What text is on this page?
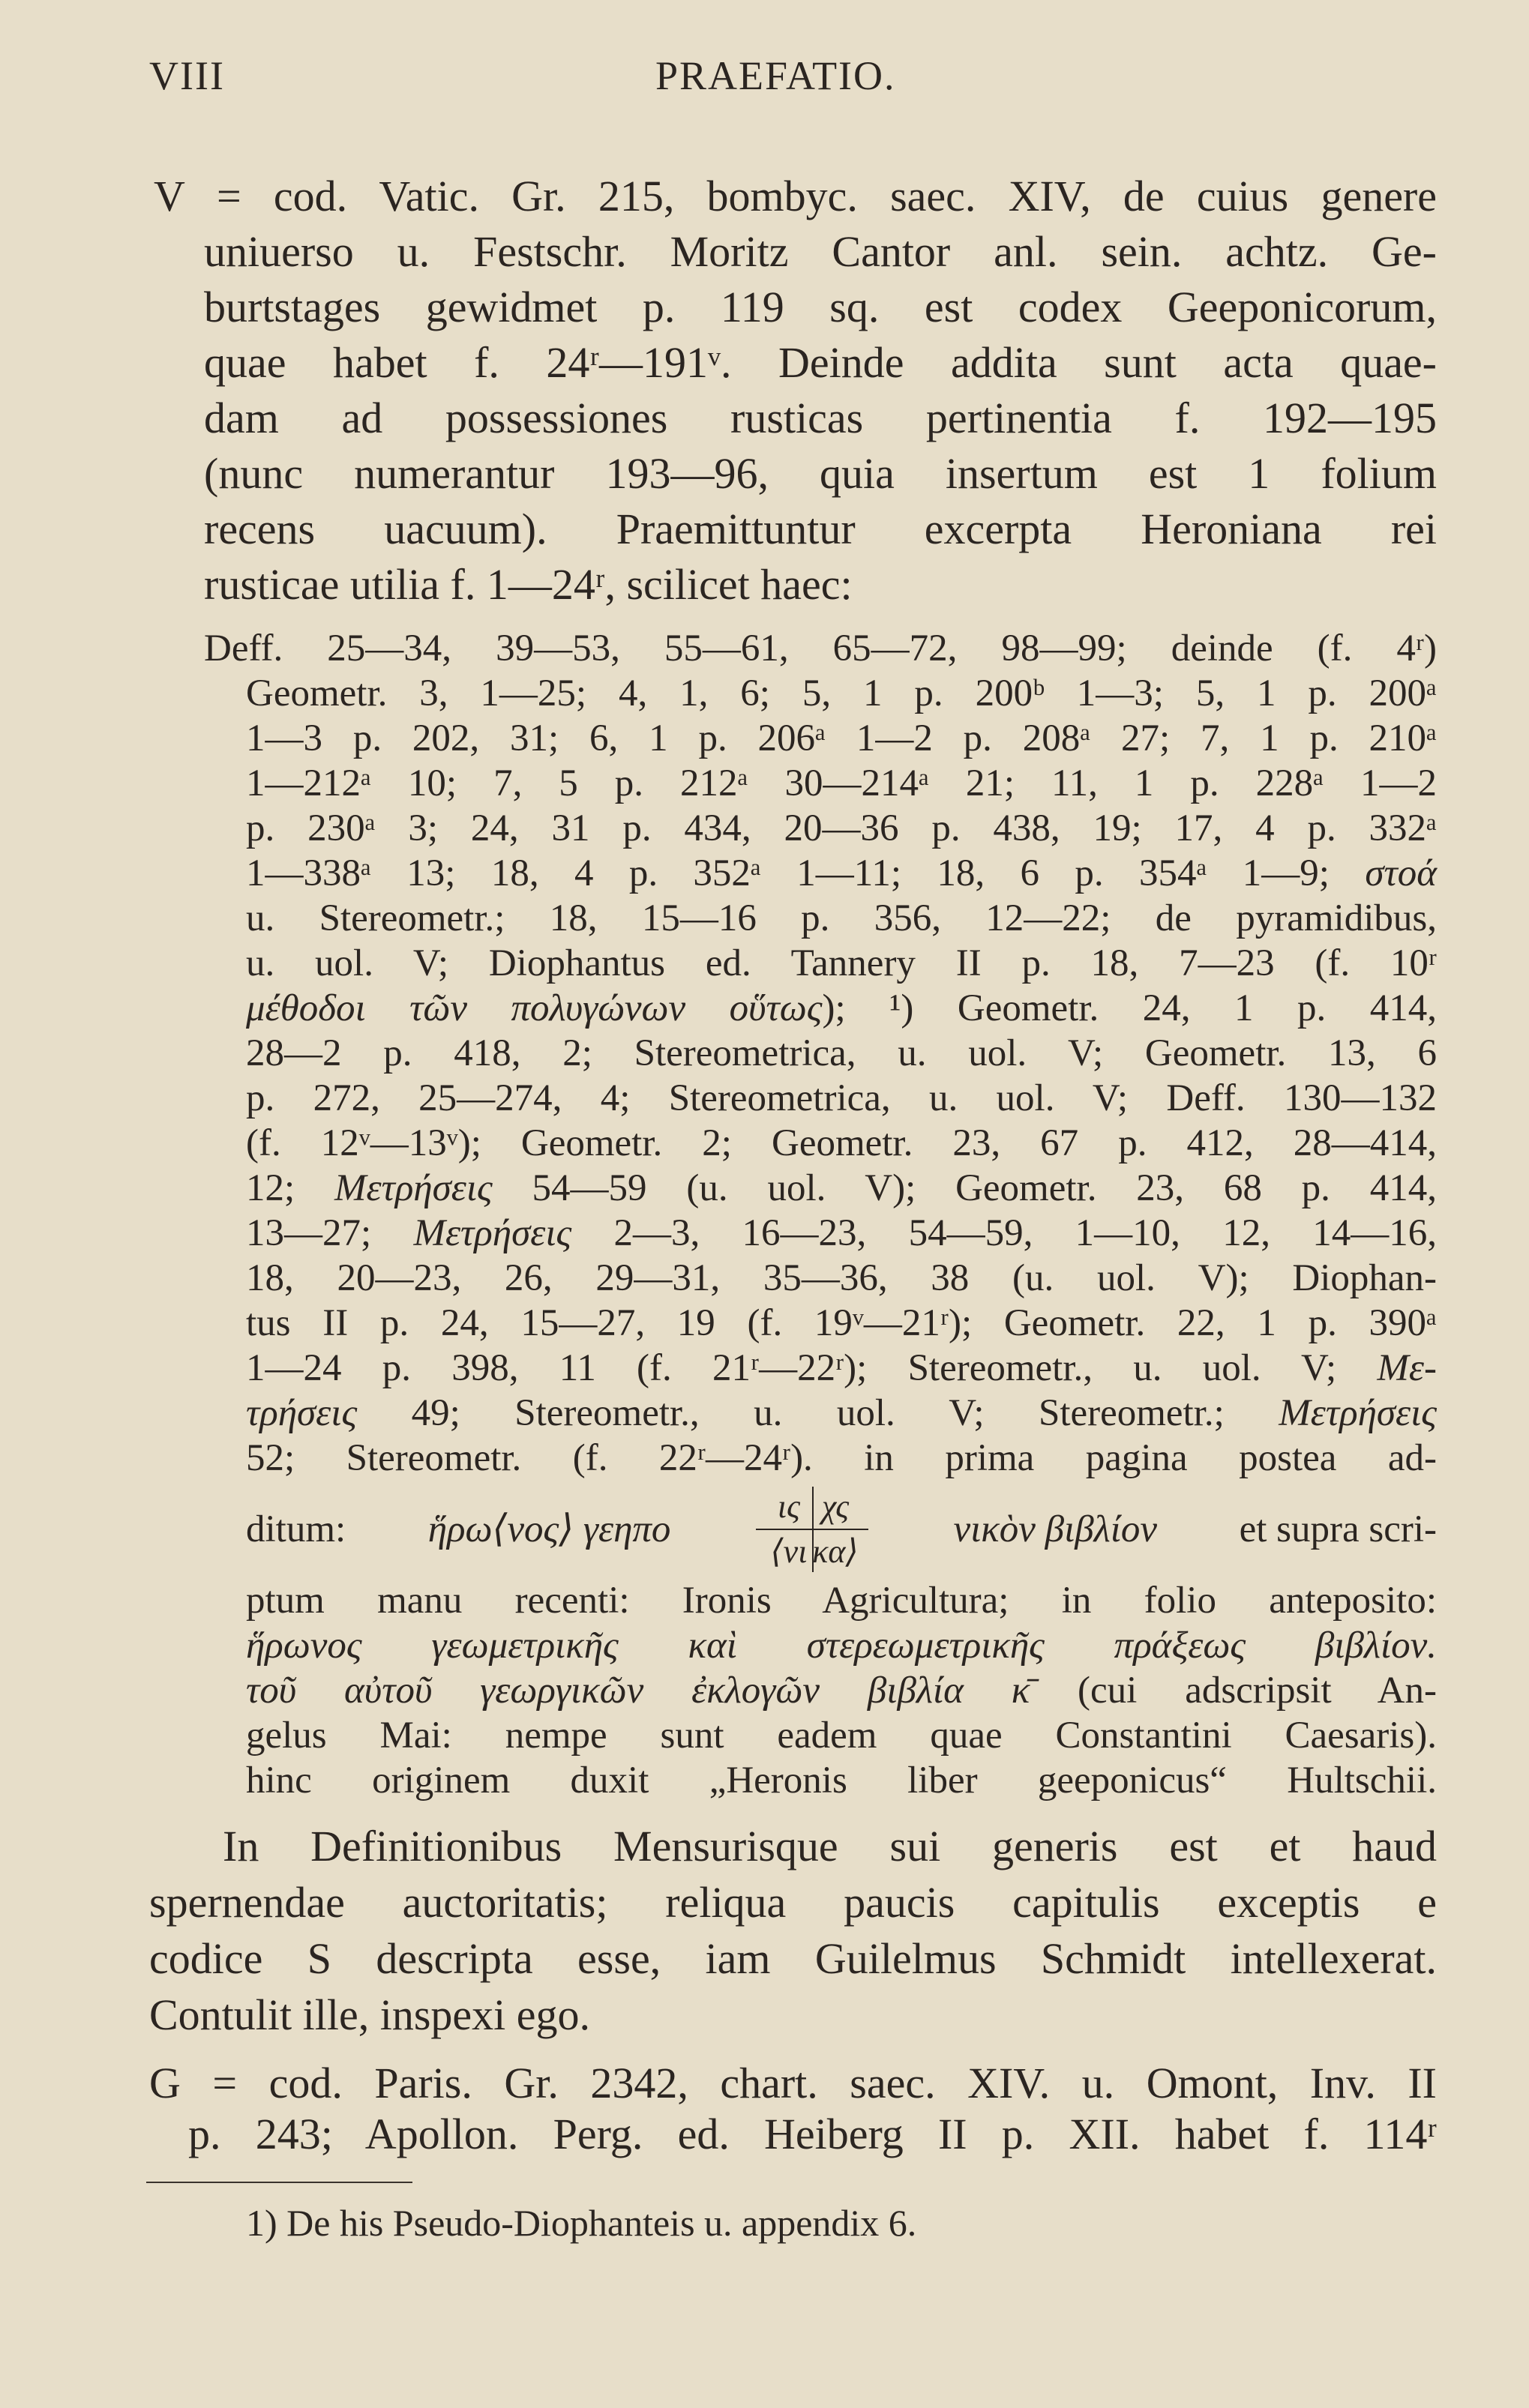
VIII	PRAEFATIO.
V = cod. Vatic. Gr. 215, bombyc. saec. XIV, de cuius genere
uniuerso u. Festschr. Moritz Cantor anl. sein. achtz. Ge-
burtstages gewidmet p. 119 sq. est codex Geeponicorum,
quae habet f. 24ʳ—191ᵛ. Deinde addita sunt acta quae-
dam ad possessiones rusticas pertinentia f. 192—195
(nunc numerantur 193—96, quia insertum est 1 folium
recens uacuum). Praemittuntur excerpta Heroniana rei
rusticae utilia f. 1—24ʳ, scilicet haec:
Deff. 25—34, 39—53, 55—61, 65—72, 98—99; deinde (f. 4ʳ)
Geometr. 3, 1—25; 4, 1, 6; 5, 1 p. 200ᵇ 1—3; 5, 1 p. 200ᵃ
1—3 p. 202, 31; 6, 1 p. 206ᵃ 1—2 p. 208ᵃ 27; 7, 1 p. 210ᵃ
1—212ᵃ 10; 7, 5 p. 212ᵃ 30—214ᵃ 21; 11, 1 p. 228ᵃ 1—2
p. 230ᵃ 3; 24, 31 p. 434, 20—36 p. 438, 19; 17, 4 p. 332ᵃ
1—338ᵃ 13; 18, 4 p. 352ᵃ 1—11; 18, 6 p. 354ᵃ 1—9; στοά
u. Stereometr.; 18, 15—16 p. 356, 12—22; de pyramidibus,
u. uol. V; Diophantus ed. Tannery II p. 18, 7—23 (f. 10ʳ
μέθοδοι τῶν πολυγώνων οὕτως); ¹) Geometr. 24, 1 p. 414,
28—2 p. 418, 2; Stereometrica, u. uol. V; Geometr. 13, 6
p. 272, 25—274, 4; Stereometrica, u. uol. V; Deff. 130—132
(f. 12ᵛ—13ᵛ); Geometr. 2; Geometr. 23, 67 p. 412, 28—414,
12; Μετρήσεις 54—59 (u. uol. V); Geometr. 23, 68 p. 414,
13—27; Μετρήσεις 2—3, 16—23, 54—59, 1—10, 12, 14—16,
18, 20—23, 26, 29—31, 35—36, 38 (u. uol. V); Diophan-
tus II p. 24, 15—27, 19 (f. 19ᵛ—21ʳ); Geometr. 22, 1 p. 390ᵃ
1—24 p. 398, 11 (f. 21ʳ—22ʳ); Stereometr., u. uol. V; Με-
τρήσεις 49; Stereometr., u. uol. V; Stereometr.; Μετρήσεις
52; Stereometr. (f. 22ʳ—24ʳ). in prima pagina postea ad-
ditum: ἥρω⟨νος⟩ γεηπο	$\frac{\text{ις χς}}{\text{⟨νι κα⟩}}$ νικὸν βιβλίον et supra scri-
ptum manu recenti: Ironis Agricultura; in folio anteposito:
ἥρωνος γεωμετρικῆς καὶ στερεωμετρικῆς πράξεως βιβλίον.
τοῦ αὐτοῦ γεωργικῶν ἐκλογῶν βιβλία κ̄ (cui adscripsit An-
gelus Mai: nempe sunt eadem quae Constantini Caesaris).
hinc originem duxit „Heronis liber geeponicus“ Hultschii.
In Definitionibus Mensurisque sui generis est et haud
spernendae auctoritatis; reliqua paucis capitulis exceptis e
codice S descripta esse, iam Guilelmus Schmidt intellexerat.
Contulit ille, inspexi ego.
G = cod. Paris. Gr. 2342, chart. saec. XIV. u. Omont, Inv. II
p. 243; Apollon. Perg. ed. Heiberg II p. XII. habet f. 114ʳ
1) De his Pseudo-Diophanteis u. appendix 6.
